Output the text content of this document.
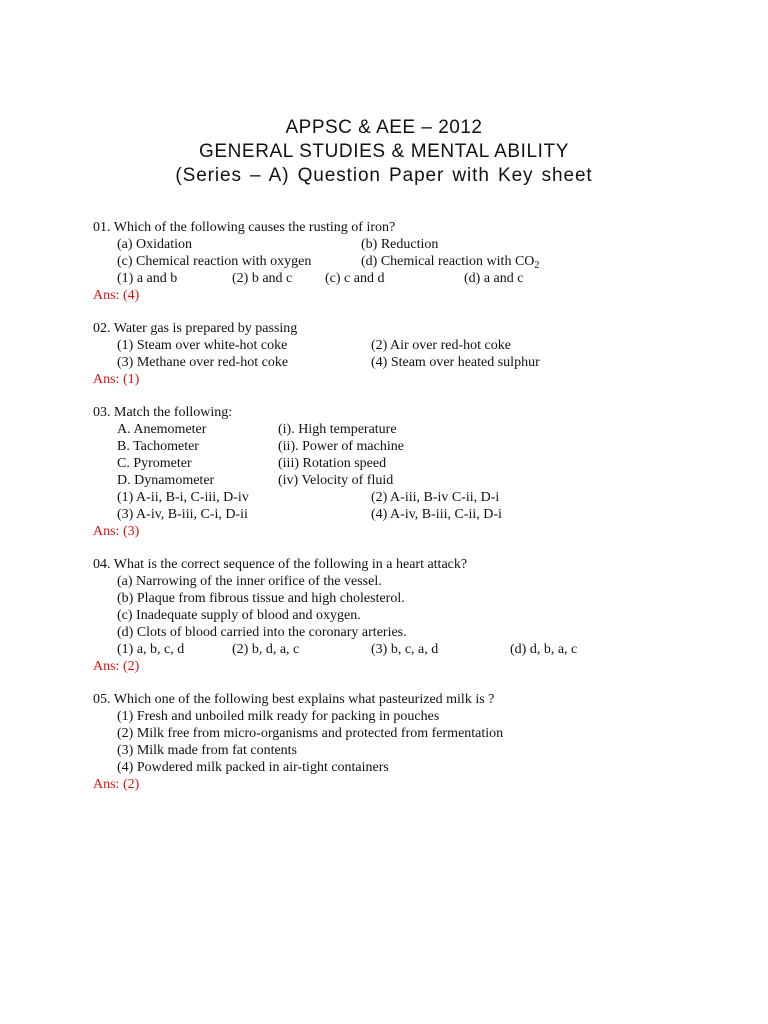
APPSC & AEE – 2012
GENERAL STUDIES & MENTAL ABILITY
(Series – A) Question Paper with Key sheet
01. Which of the following causes the rusting of iron?
(a) Oxidation	(b) Reduction
(c) Chemical reaction with oxygen	(d) Chemical reaction with $CO_2$
(1) a and b	(2) b and c (c) c and d	(d) a and c
Ans: (4)
02. Water gas is prepared by passing
(1) Steam over white-hot coke	(2) Air over red-hot coke
(3) Methane over red-hot coke	(4) Steam over heated sulphur
Ans: (1)
03. Match the following:
A. Anemometer	(i). High temperature
B. Tachometer	(ii). Power of machine
C. Pyrometer	(iii) Rotation speed
D. Dynamometer	(iv) Velocity of fluid
(1) A-ii, B-i, C-iii, D-iv	(2) A-iii, B-iv C-ii, D-i
(3) A-iv, B-iii, C-i, D-ii	(4) A-iv, B-iii, C-ii, D-i
Ans: (3)
04. What is the correct sequence of the following in a heart attack?
(a) Narrowing of the inner orifice of the vessel.
(b) Plaque from fibrous tissue and high cholesterol.
(c) Inadequate supply of blood and oxygen.
(d) Clots of blood carried into the coronary arteries.
(1) a, b, c, d	(2) b, d, a, c	(3) b, c, a, d	(d) d, b, a, c
Ans: (2)
05. Which one of the following best explains what pasteurized milk is ?
(1) Fresh and unboiled milk ready for packing in pouches
(2) Milk free from micro-organisms and protected from fermentation
(3) Milk made from fat contents
(4) Powdered milk packed in air-tight containers
Ans: (2)
